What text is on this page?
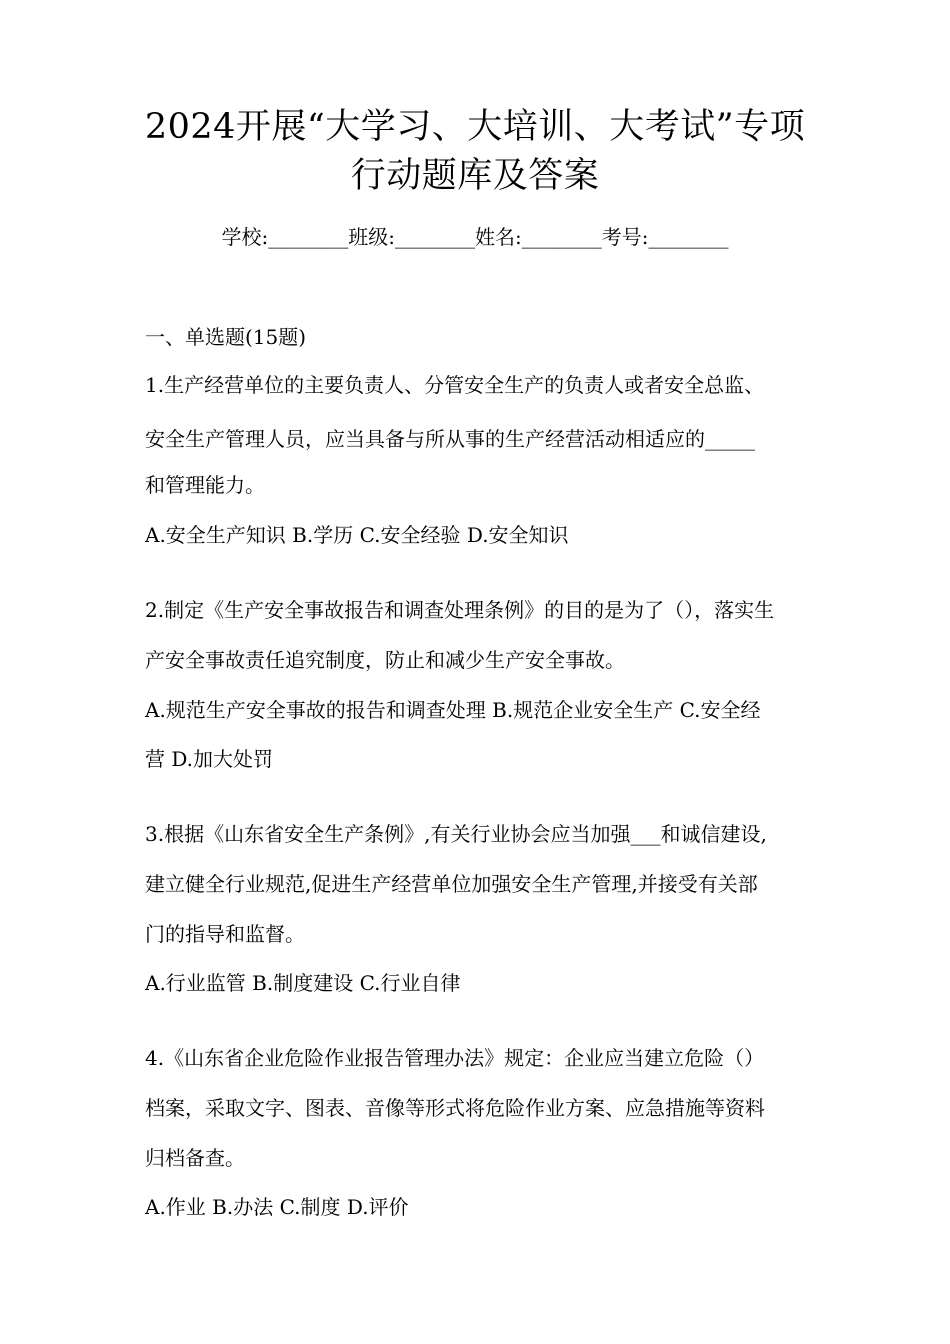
2024开展“大学习、大培训、大考试”专项
行动题库及答案
学校:________班级:________姓名:________考号:________
一、单选题(15题)
1.生产经营单位的主要负责人、分管安全生产的负责人或者安全总监、
安全生产管理人员，应当具备与所从事的生产经营活动相适应的_____
和管理能力。
A.安全生产知识 B.学历 C.安全经验 D.安全知识
2.制定《生产安全事故报告和调查处理条例》的目的是为了（），落实生
产安全事故责任追究制度，防止和减少生产安全事故。
A.规范生产安全事故的报告和调查处理 B.规范企业安全生产 C.安全经
营 D.加大处罚
3.根据《山东省安全生产条例》,有关行业协会应当加强___和诚信建设,
建立健全行业规范,促进生产经营单位加强安全生产管理,并接受有关部
门的指导和监督。
A.行业监管 B.制度建设 C.行业自律
4.《山东省企业危险作业报告管理办法》规定：企业应当建立危险（）
档案，采取文字、图表、音像等形式将危险作业方案、应急措施等资料
归档备查。
A.作业 B.办法 C.制度 D.评价
